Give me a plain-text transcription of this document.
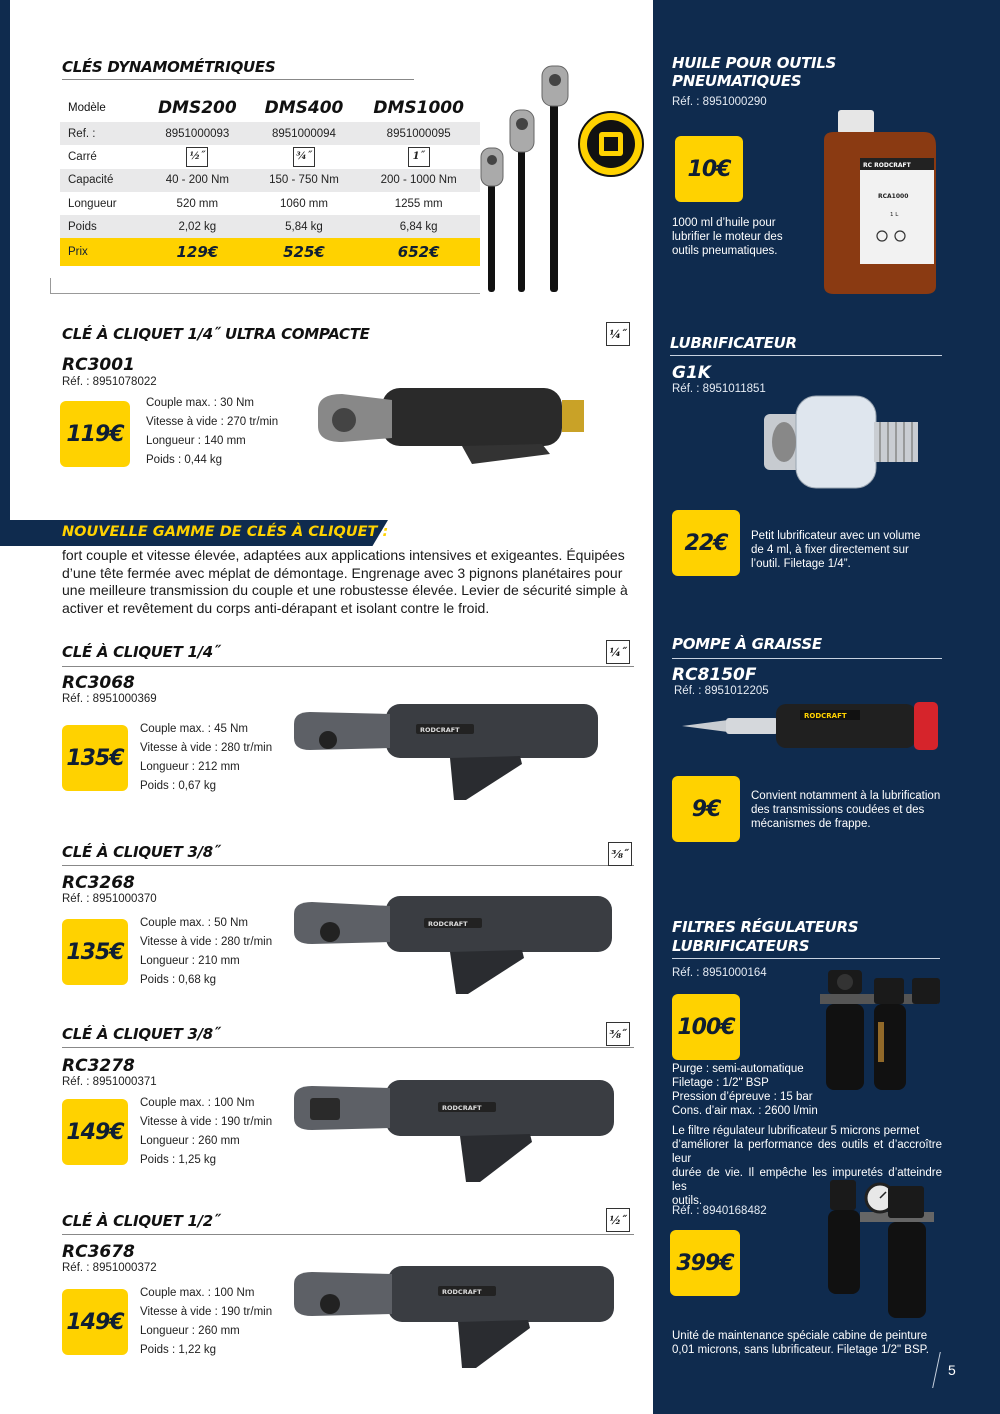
CLÉS DYNAMOMÉTRIQUES
Modèle	DMS200	DMS400	DMS1000
Ref. :	8951000093	8951000094	8951000095
Carré	½˝	¾˝	1˝
Capacité	40 - 200 Nm	150 - 750 Nm	200 - 1000 Nm
Longueur	520 mm	1060 mm	1255 mm
Poids	2,02 kg	5,84 kg	6,84 kg
Prix	129€	525€	652€
CLÉ À CLIQUET 1/4˝ ULTRA COMPACTE	¼˝
RC3001
Réf. : 8951078022
119€
Couple max. : 30 Nm
Vitesse à vide : 270 tr/min
Longueur : 140 mm
Poids : 0,44 kg
NOUVELLE GAMME DE CLÉS À CLIQUET :
fort couple et vitesse élevée, adaptées aux applications intensives et exigeantes. Équipées d’une tête fermée avec méplat de démontage. Engrenage avec 3 pignons planétaires pour une meilleure transmission du couple et une robustesse élevée. Levier de sécurité simple à activer et revêtement du corps anti-dérapant et isolant contre le froid.
CLÉ À CLIQUET 1/4˝	¼˝
RC3068
Réf. : 8951000369
135€
Couple max. : 45 Nm
Vitesse à vide : 280 tr/min
Longueur : 212 mm
Poids : 0,67 kg
CLÉ À CLIQUET 3/8˝	⅜˝
RC3268
Réf. : 8951000370
135€
Couple max. : 50 Nm
Vitesse à vide : 280 tr/min
Longueur : 210 mm
Poids : 0,68 kg
CLÉ À CLIQUET 3/8˝	⅜˝
RC3278
Réf. : 8951000371
149€
Couple max. : 100 Nm
Vitesse à vide : 190 tr/min
Longueur : 260 mm
Poids : 1,25 kg
CLÉ À CLIQUET 1/2˝	½˝
RC3678
Réf. : 8951000372
149€
Couple max. : 100 Nm
Vitesse à vide : 190 tr/min
Longueur : 260 mm
Poids : 1,22 kg
RODCRAFT
RODCRAFT
RODCRAFT
RODCRAFT
HUILE POUR OUTILS
PNEUMATIQUES
Réf. : 8951000290
10€
1000 ml d’huile pour
lubrifier le moteur des
outils pneumatiques.
RC RODCRAFT
RCA1000
1 L
LUBRIFICATEUR
G1K
Réf. : 8951011851
22€	Petit lubrificateur avec un volume
de 4 ml, à fixer directement sur
l’outil. Filetage 1/4”.
POMPE À GRAISSE
RC8150F
Réf. : 8951012205
RODCRAFT
9€
Convient notamment à la lubrification
des transmissions coudées et des
mécanismes de frappe.
FILTRES RÉGULATEURS
LUBRIFICATEURS
Réf. : 8951000164
100€
Purge : semi-automatique
Filetage : 1/2" BSP
Pression d’épreuve : 15 bar
Cons. d’air max. : 2600 l/min
Le filtre régulateur lubrificateur 5 microns permet
d’améliorer la performance des outils et d’accroître leur
durée de vie. Il empêche les impuretés d’atteindre les
outils.
Réf. : 8940168482
399€
Unité de maintenance spéciale cabine de peinture
0,01 microns, sans lubrificateur. Filetage 1/2" BSP.
5
